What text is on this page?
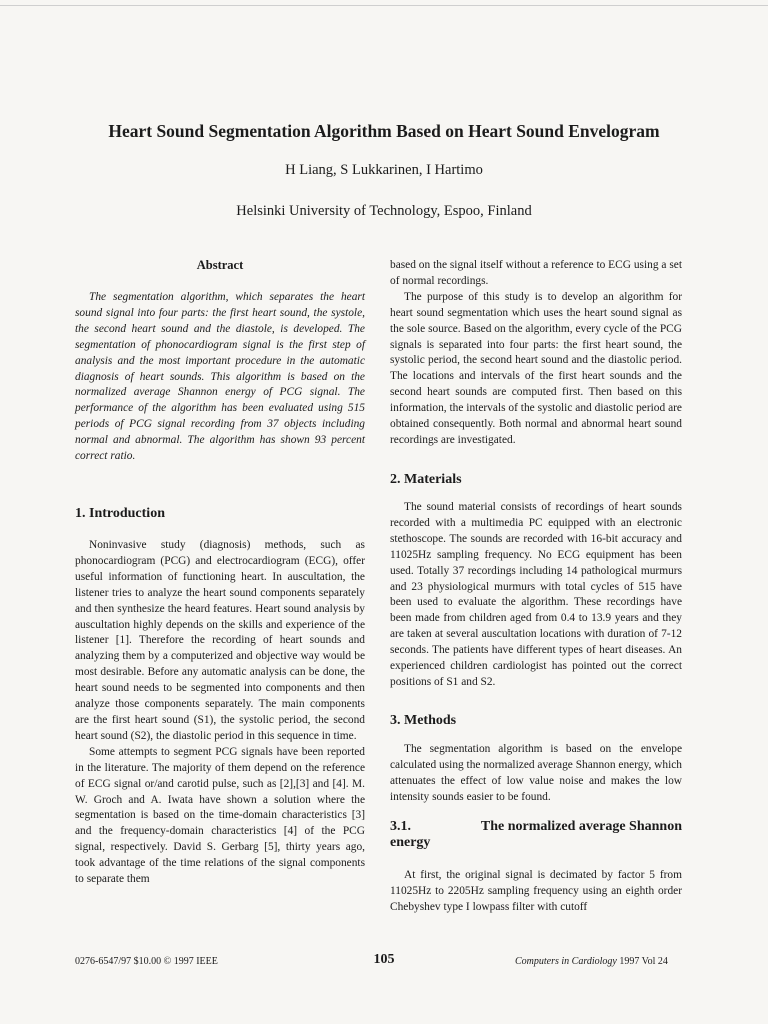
Heart Sound Segmentation Algorithm Based on Heart Sound Envelogram
H Liang, S Lukkarinen, I Hartimo
Helsinki University of Technology, Espoo, Finland
Abstract

The segmentation algorithm, which separates the heart sound signal into four parts: the first heart sound, the systole, the second heart sound and the diastole, is developed. The segmentation of phonocardiogram signal is the first step of analysis and the most important procedure in the automatic diagnosis of heart sounds. This algorithm is based on the normalized average Shannon energy of PCG signal. The performance of the algorithm has been evaluated using 515 periods of PCG signal recording from 37 objects including normal and abnormal. The algorithm has shown 93 percent correct ratio.

1. Introduction

Noninvasive study (diagnosis) methods, such as phonocardiogram (PCG) and electrocardiogram (ECG), offer useful information of functioning heart. In auscultation, the listener tries to analyze the heart sound components separately and then synthesize the heard features. Heart sound analysis by auscultation highly depends on the skills and experience of the listener [1]. Therefore the recording of heart sounds and analyzing them by a computerized and objective way would be most desirable. Before any automatic analysis can be done, the heart sound needs to be segmented into components and then analyze those components separately. The main components are the first heart sound (S1), the systolic period, the second heart sound (S2), the diastolic period in this sequence in time.

Some attempts to segment PCG signals have been reported in the literature. The majority of them depend on the reference of ECG signal or/and carotid pulse, such as [2],[3] and [4]. M. W. Groch and A. Iwata have shown a solution where the segmentation is based on the time-domain characteristics [3] and the frequency-domain characteristics [4] of the PCG signal, respectively. David S. Gerbarg [5], thirty years ago, took advantage of the time relations of the signal components to separate them

based on the signal itself without a reference to ECG using a set of normal recordings.

The purpose of this study is to develop an algorithm for heart sound segmentation which uses the heart sound signal as the sole source. Based on the algorithm, every cycle of the PCG signals is separated into four parts: the first heart sound, the systolic period, the second heart sound and the diastolic period. The locations and intervals of the first heart sounds and the second heart sounds are computed first. Then based on this information, the intervals of the systolic and diastolic period are obtained consequently. Both normal and abnormal heart sound recordings are investigated.

2. Materials

The sound material consists of recordings of heart sounds recorded with a multimedia PC equipped with an electronic stethoscope. The sounds are recorded with 16-bit accuracy and 11025Hz sampling frequency. No ECG equipment has been used. Totally 37 recordings including 14 pathological murmurs and 23 physiological murmurs with total cycles of 515 have been used to evaluate the algorithm. These recordings have been made from children aged from 0.4 to 13.9 years and they are taken at several auscultation locations with duration of 7-12 seconds. The patients have different types of heart diseases. An experienced children cardiologist has pointed out the correct positions of S1 and S2.

3. Methods

The segmentation algorithm is based on the envelope calculated using the normalized average Shannon energy, which attenuates the effect of low value noise and makes the low intensity sounds easier to be found.

3.1.	The normalized average Shannon
energy

At first, the original signal is decimated by factor 5 from 11025Hz to 2205Hz sampling frequency using an eighth order Chebyshev type I lowpass filter with cutoff

0276-6547/97 $10.00 © 1997 IEEE	105	Computers in Cardiology 1997 Vol 24
